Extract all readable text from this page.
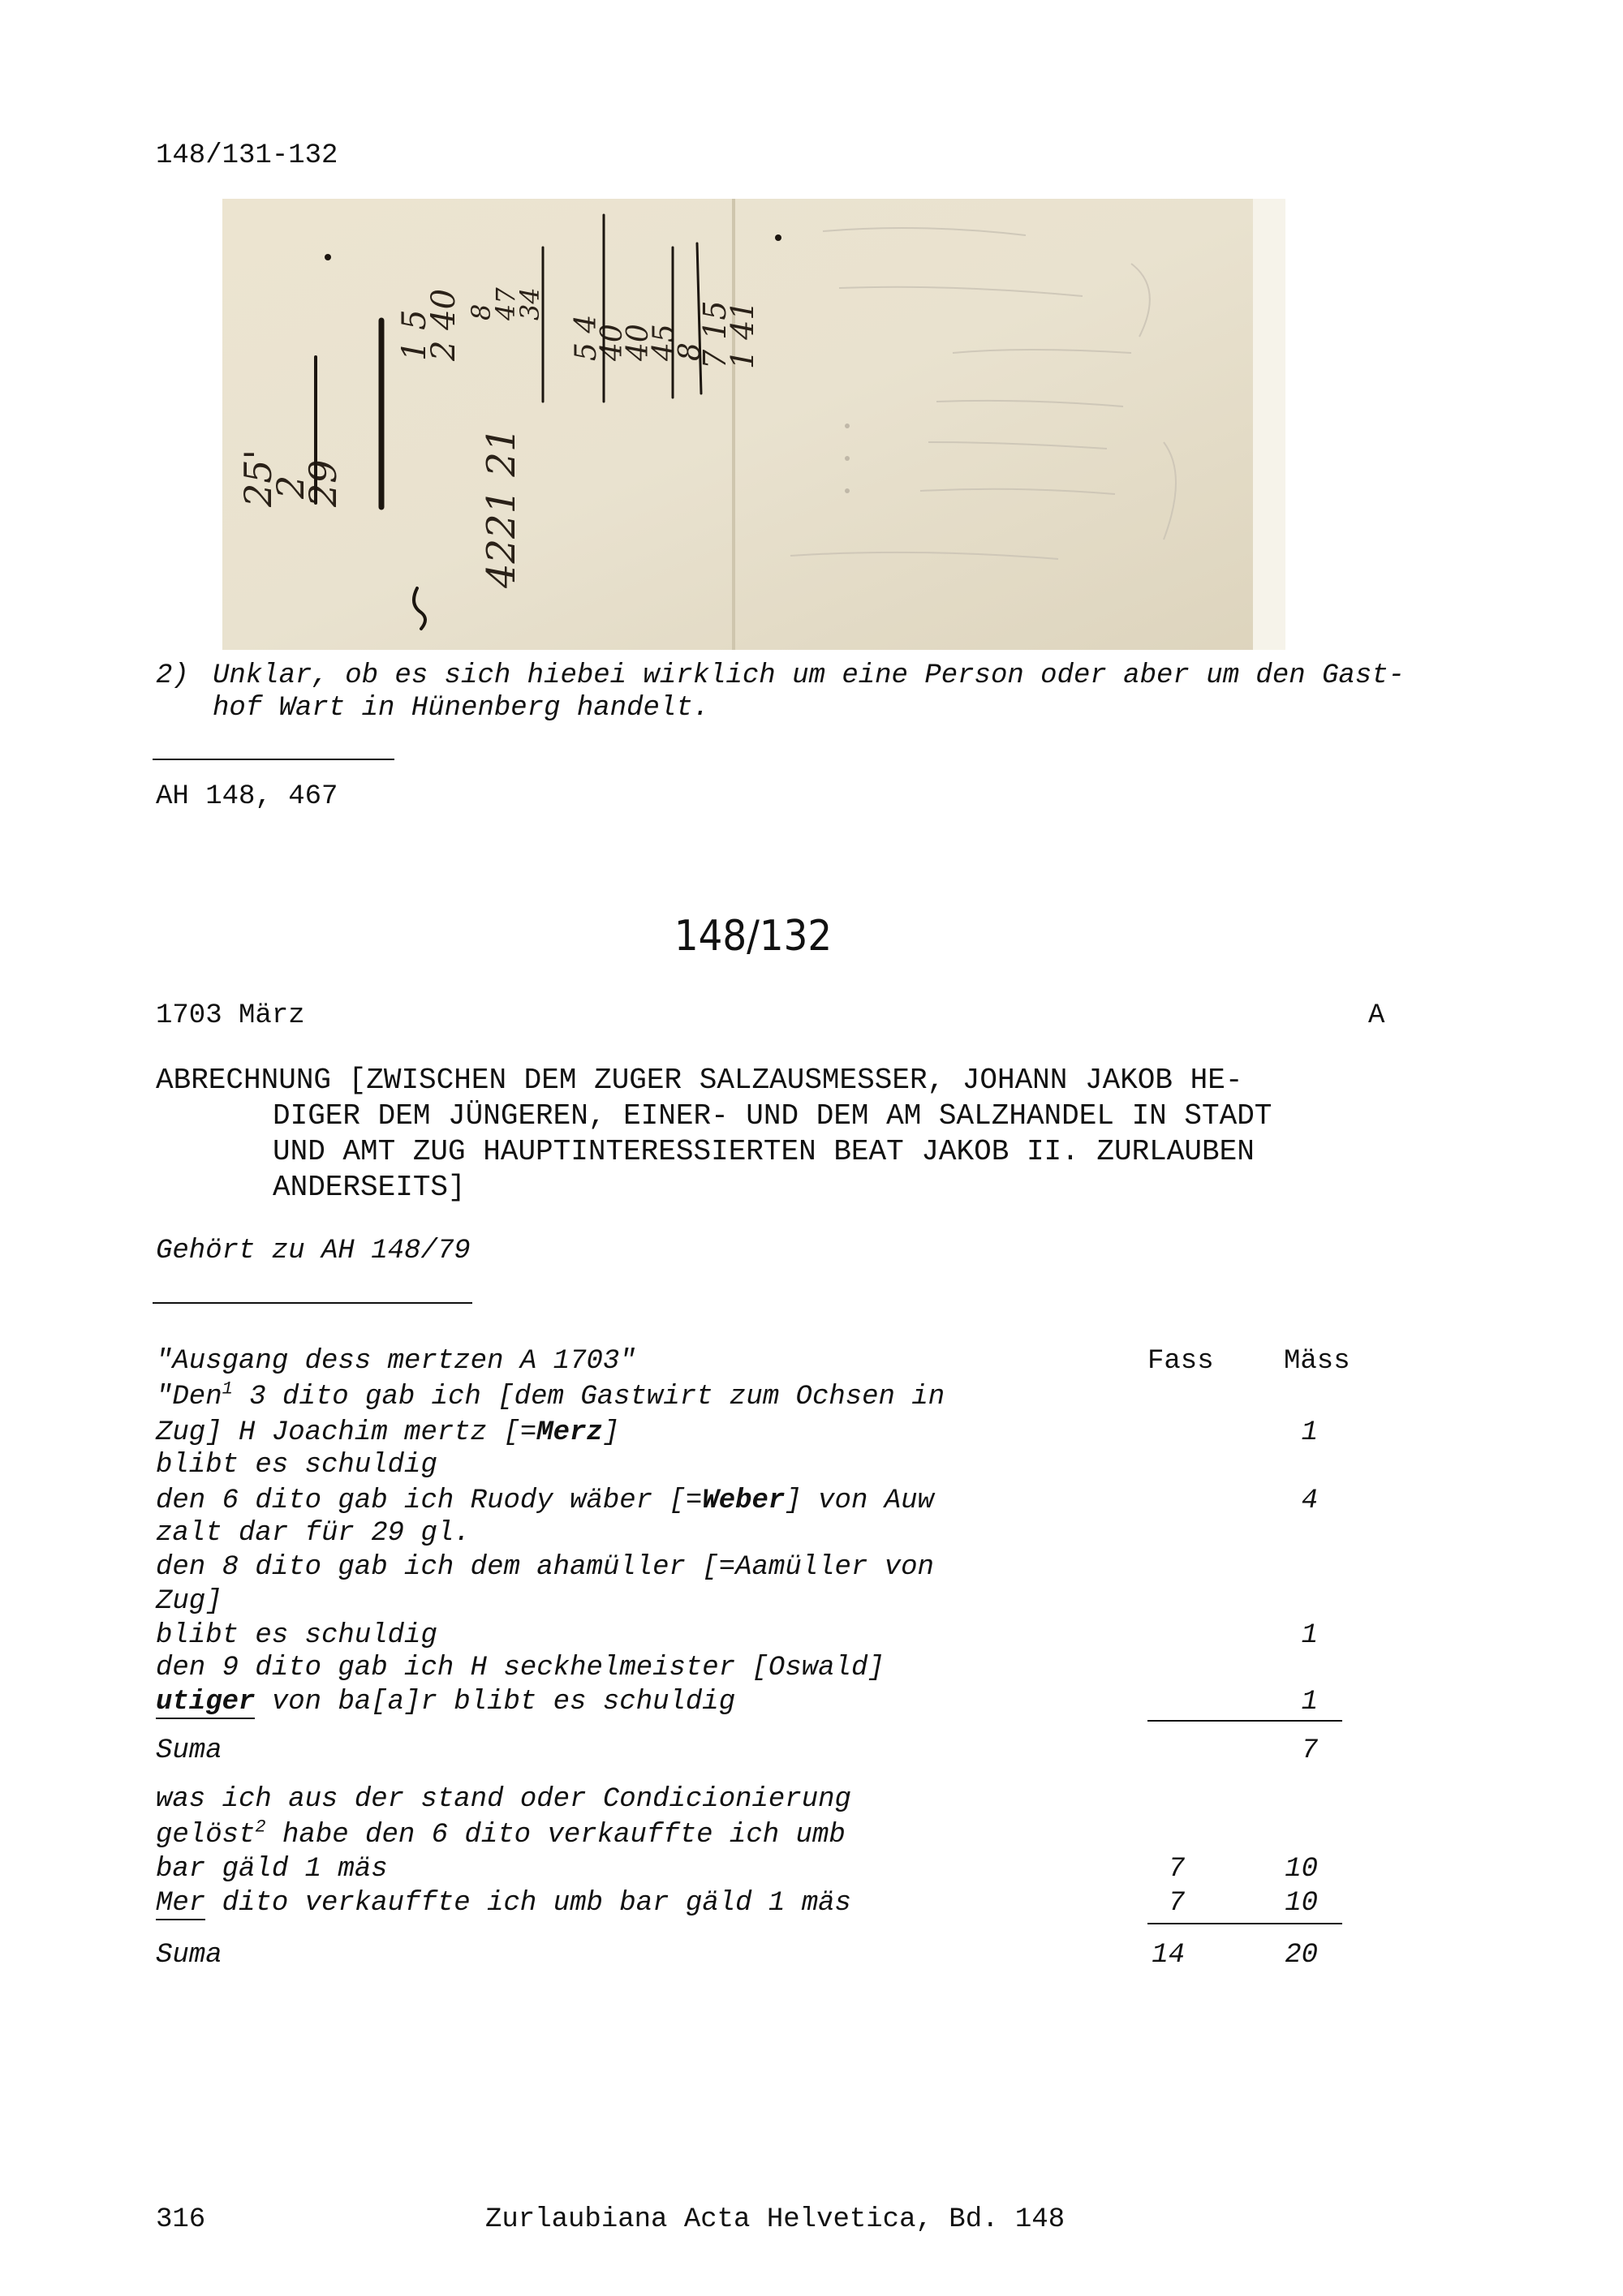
148/131-132
25'
2
29
1 5
2 40 8
47
34
5 4
40
40
45
8
7 15
1 41
4221 21
2) Unklar, ob es sich hiebei wirklich um eine Person oder aber um den Gast-
hof Wart in Hünenberg handelt.
AH 148, 467
148/132
1703 März	A
ABRECHNUNG [ZWISCHEN DEM ZUGER SALZAUSMESSER, JOHANN JAKOB HE-
DIGER DEM JÜNGEREN, EINER- UND DEM AM SALZHANDEL IN STADT
UND AMT ZUG HAUPTINTERESSIERTEN BEAT JAKOB II. ZURLAUBEN
ANDERSEITS]
Gehört zu AH 148/79
"Ausgang dess mertzen A 1703"	Fass	Mäss
"Den$^1$ 3 dito gab ich [dem Gastwirt zum Ochsen in
Zug] H Joachim mertz [=Merz]	1
blibt es schuldig
den 6 dito gab ich Ruody wäber [=Weber] von Auw	4
zalt dar für 29 gl.
den 8 dito gab ich dem ahamüller [=Aamüller von
Zug]
blibt es schuldig	1
den 9 dito gab ich H seckhelmeister [Oswald]
utiger von ba[a]r blibt es schuldig	1
Suma	7
was ich aus der stand oder Condicionierung
gelöst$^2$ habe den 6 dito verkauffte ich umb
bar gäld 1 mäs	7	10
Mer dito verkauffte ich umb bar gäld 1 mäs	7	10
Suma	14	20
316	Zurlaubiana Acta Helvetica, Bd. 148
